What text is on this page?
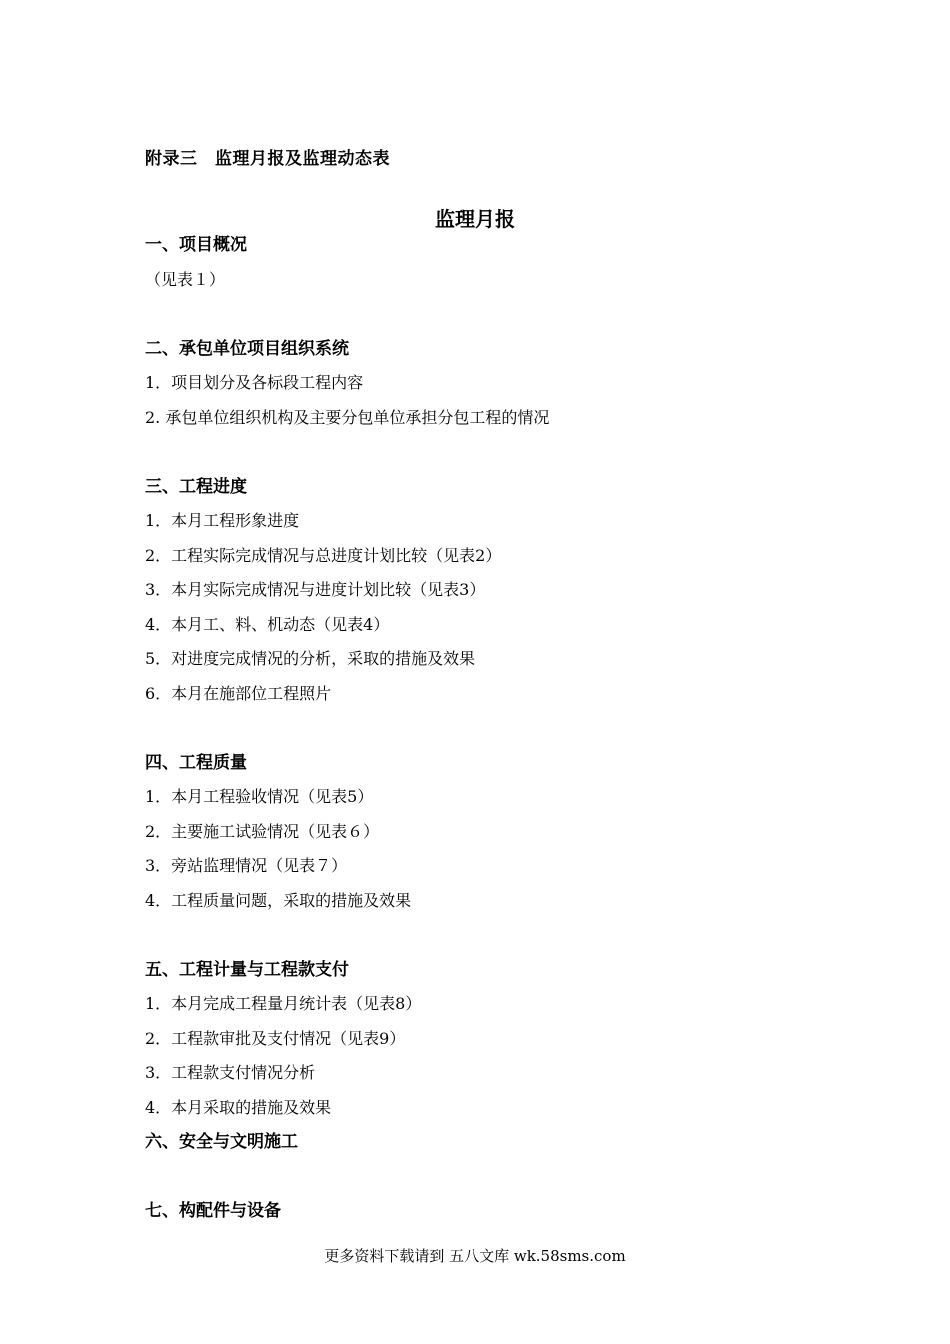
附录三　监理月报及监理动态表
监理月报
一、项目概况
（见表１）
二、承包单位项目组织系统
1．项目划分及各标段工程内容
2. 承包单位组织机构及主要分包单位承担分包工程的情况
三、工程进度
1．本月工程形象进度
2．工程实际完成情况与总进度计划比较（见表2）
3．本月实际完成情况与进度计划比较（见表3）
4．本月工、料、机动态（见表4）
5．对进度完成情况的分析，采取的措施及效果
6．本月在施部位工程照片
四、工程质量
1．本月工程验收情况（见表5）
2．主要施工试验情况（见表６）
3．旁站监理情况（见表７）
4．工程质量问题，采取的措施及效果
五、工程计量与工程款支付
1．本月完成工程量月统计表（见表8）
2．工程款审批及支付情况（见表9）
3．工程款支付情况分析
4．本月采取的措施及效果
六、安全与文明施工
七、构配件与设备
更多资料下载请到 五八文库 wk.58sms.com
